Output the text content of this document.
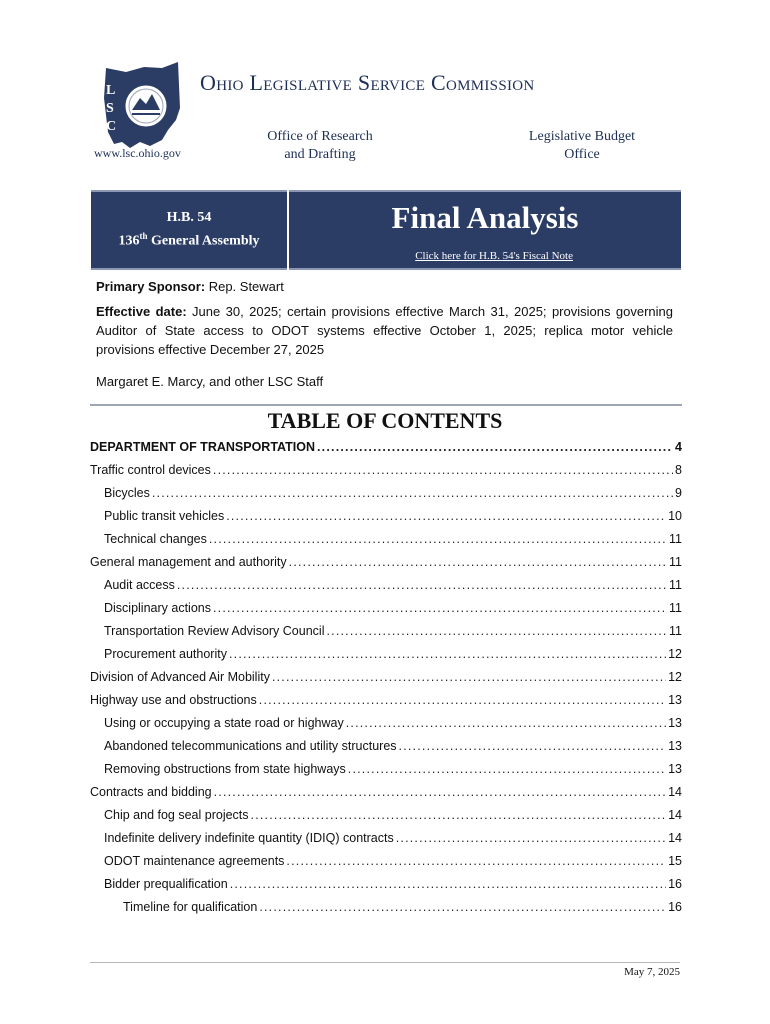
L
S
C
Ohio Legislative Service Commission
www.lsc.ohio.gov
Office of Research
and Drafting
Legislative Budget
Office
H.B. 54
136th General Assembly
Final Analysis
Click here for H.B. 54's Fiscal Note
Primary Sponsor: Rep. Stewart
Effective date: June 30, 2025; certain provisions effective March 31, 2025; provisions governing Auditor of State access to ODOT systems effective October 1, 2025; replica motor vehicle provisions effective December 27, 2025
Margaret E. Marcy, and other LSC Staff
TABLE OF CONTENTS
DEPARTMENT OF TRANSPORTATION .....	4
Traffic control devices .....	8
Bicycles .....	9
Public transit vehicles .....	10
Technical changes .....	11
General management and authority .....	11
Audit access .....	11
Disciplinary actions .....	11
Transportation Review Advisory Council .....	11
Procurement authority .....	12
Division of Advanced Air Mobility .....	12
Highway use and obstructions .....	13
Using or occupying a state road or highway .....	13
Abandoned telecommunications and utility structures .....	13
Removing obstructions from state highways .....	13
Contracts and bidding .....	14
Chip and fog seal projects .....	14
Indefinite delivery indefinite quantity (IDIQ) contracts .....	14
ODOT maintenance agreements .....	15
Bidder prequalification .....	16
Timeline for qualification .....	16
May 7, 2025
